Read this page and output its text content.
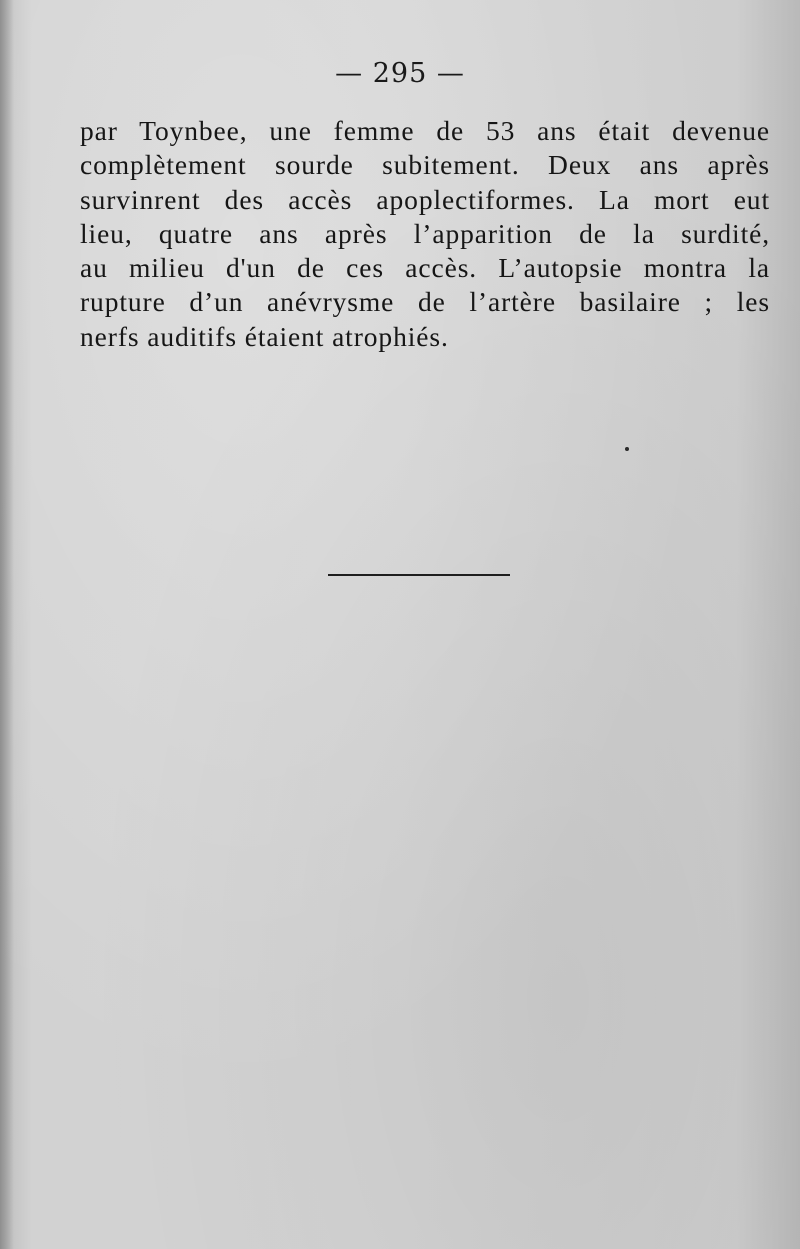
— 295 —
par Toynbee, une femme de 53 ans était devenue
complètement sourde subitement. Deux ans après
survinrent des accès apoplectiformes. La mort eut
lieu, quatre ans après l’apparition de la surdité,
au milieu d'un de ces accès. L’autopsie montra la
rupture d’un anévrysme de l’artère basilaire ; les
nerfs auditifs étaient atrophiés.
